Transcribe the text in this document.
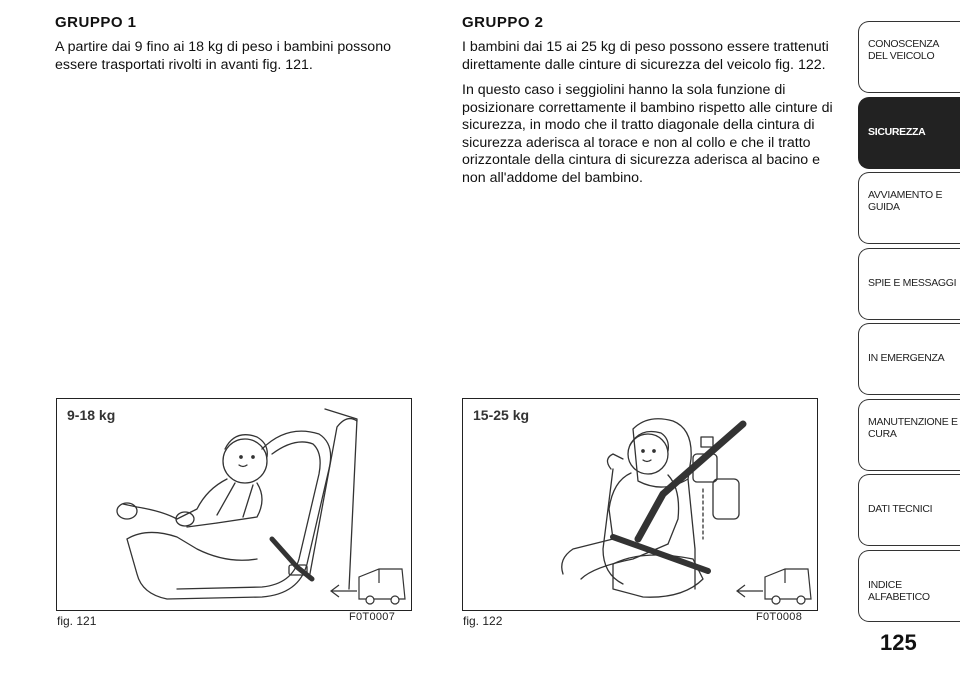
GRUPPO 1

A partire dai 9 fino ai 18 kg di peso i bambini possono essere trasportati rivolti in avanti fig. 121.

GRUPPO 2

I bambini dai 15 ai 25 kg di peso possono essere trattenuti direttamente dalle cinture di sicurezza del veicolo fig. 122.

In questo caso i seggiolini hanno la sola funzione di posizionare correttamente il bambino rispetto alle cinture di sicurezza, in modo che il tratto diagonale della cintura di sicurezza aderisca al torace e non al collo e che il tratto orizzontale della cintura di sicurezza aderisca al bacino e non all'addome del bambino.

9-18 kg
fig. 121	F0T0007
15-25 kg
fig. 122	F0T0008
CONOSCENZA DEL VEICOLO
SICUREZZA
AVVIAMENTO E GUIDA
SPIE E MESSAGGI
IN EMERGENZA
MANUTENZIONE E CURA
DATI TECNICI
INDICE ALFABETICO
125
